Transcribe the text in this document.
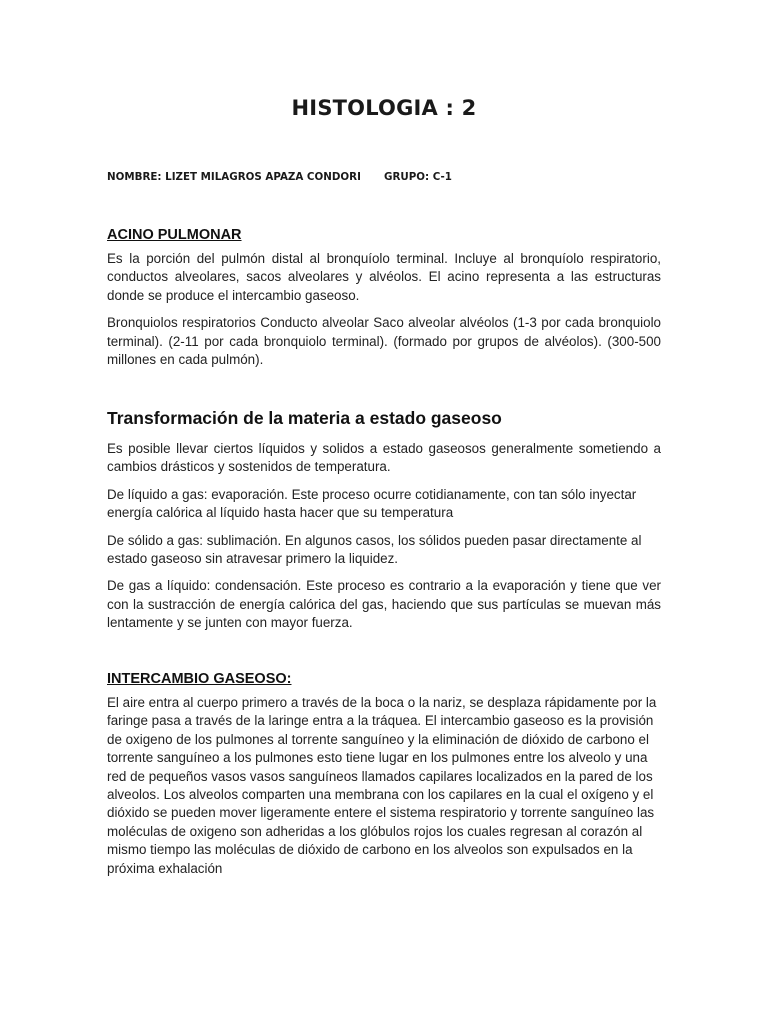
HISTOLOGIA : 2
NOMBRE: LIZET MILAGROS APAZA CONDORI GRUPO: C-1
ACINO PULMONAR

Es la porción del pulmón distal al bronquíolo terminal. Incluye al bronquíolo respiratorio, conductos alveolares, sacos alveolares y alvéolos. El acino representa a las estructuras donde se produce el intercambio gaseoso.

Bronquiolos respiratorios Conducto alveolar Saco alveolar alvéolos (1-3 por cada bronquiolo terminal). (2-11 por cada bronquiolo terminal). (formado por grupos de alvéolos). (300-500 millones en cada pulmón).

Transformación de la materia a estado gaseoso

Es posible llevar ciertos líquidos y solidos a estado gaseosos generalmente sometiendo a cambios drásticos y sostenidos de temperatura.

De líquido a gas: evaporación. Este proceso ocurre cotidianamente, con tan sólo inyectar energía calórica al líquido hasta hacer que su temperatura

De sólido a gas: sublimación. En algunos casos, los sólidos pueden pasar directamente al estado gaseoso sin atravesar primero la liquidez.

De gas a líquido: condensación. Este proceso es contrario a la evaporación y tiene que ver con la sustracción de energía calórica del gas, haciendo que sus partículas se muevan más lentamente y se junten con mayor fuerza.

INTERCAMBIO GASEOSO:

El aire entra al cuerpo primero a través de la boca o la nariz, se desplaza rápidamente por la faringe pasa a través de la laringe entra a la tráquea. El intercambio gaseoso es la provisión de oxigeno de los pulmones al torrente sanguíneo y la eliminación de dióxido de carbono el torrente sanguíneo a los pulmones esto tiene lugar en los pulmones entre los alveolo y una red de pequeños vasos vasos sanguíneos llamados capilares localizados en la pared de los alveolos. Los alveolos comparten una membrana con los capilares en la cual el oxígeno y el dióxido se pueden mover ligeramente entere el sistema respiratorio y torrente sanguíneo las moléculas de oxigeno son adheridas a los glóbulos rojos los cuales regresan al corazón al mismo tiempo las moléculas de dióxido de carbono en los alveolos son expulsados en la próxima exhalación
